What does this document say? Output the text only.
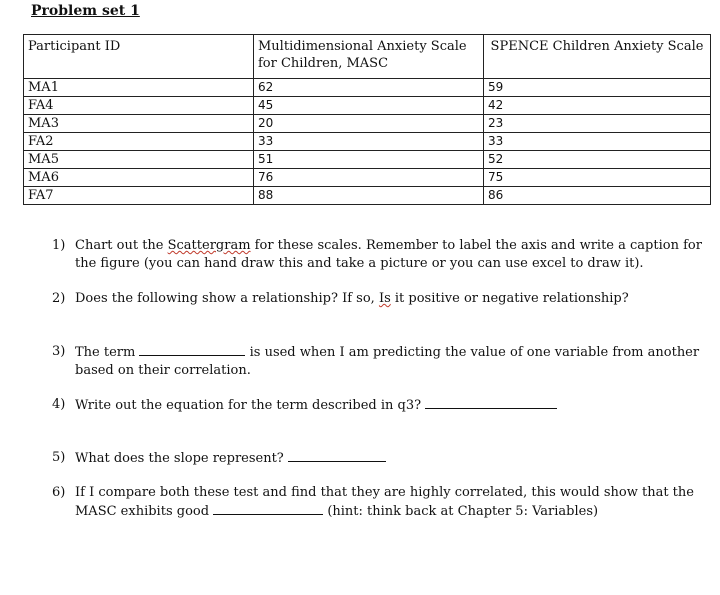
Problem set 1
Participant ID	Multidimensional Anxiety Scale for Children, MASC	SPENCE Children Anxiety Scale
MA1	62	59
FA4	45	42
MA3	20	23
FA2	33	33
MA5	51	52
MA6	76	75
FA7	88	86
1) Chart out the Scattergram for these scales. Remember to label the axis and write a caption for the figure (you can hand draw this and take a picture or you can use excel to draw it).
2) Does the following show a relationship? If so, Is it positive or negative relationship?
3) The term	is used when I am predicting the value of one variable from another based on their correlation.
4) Write out the equation for the term described in q3?
5) What does the slope represent?
6) If I compare both these test and find that they are highly correlated, this would show that the MASC exhibits good	(hint: think back at Chapter 5: Variables)
